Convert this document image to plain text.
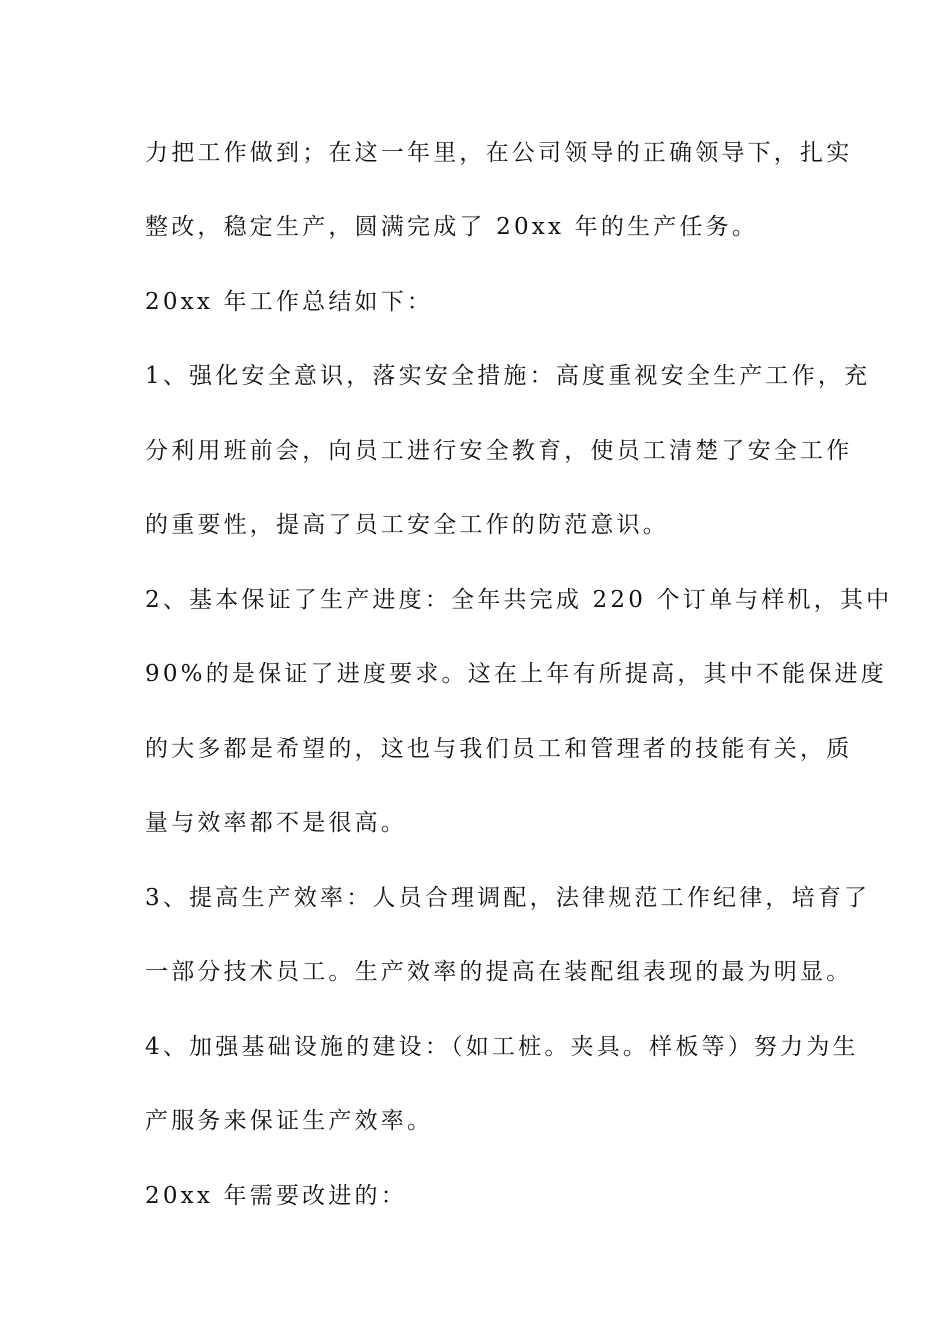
力把工作做到；在这一年里，在公司领导的正确领导下，扎实
整改，稳定生产，圆满完成了 20xx 年的生产任务。
20xx 年工作总结如下：
1、强化安全意识，落实安全措施：高度重视安全生产工作，充
分利用班前会，向员工进行安全教育，使员工清楚了安全工作
的重要性，提高了员工安全工作的防范意识。
2、基本保证了生产进度：全年共完成 220 个订单与样机，其中
90%的是保证了进度要求。这在上年有所提高，其中不能保进度
的大多都是希望的，这也与我们员工和管理者的技能有关，质
量与效率都不是很高。
3、提高生产效率：人员合理调配，法律规范工作纪律，培育了
一部分技术员工。生产效率的提高在装配组表现的最为明显。
4、加强基础设施的建设：（如工桩。夹具。样板等）努力为生
产服务来保证生产效率。
20xx 年需要改进的：
